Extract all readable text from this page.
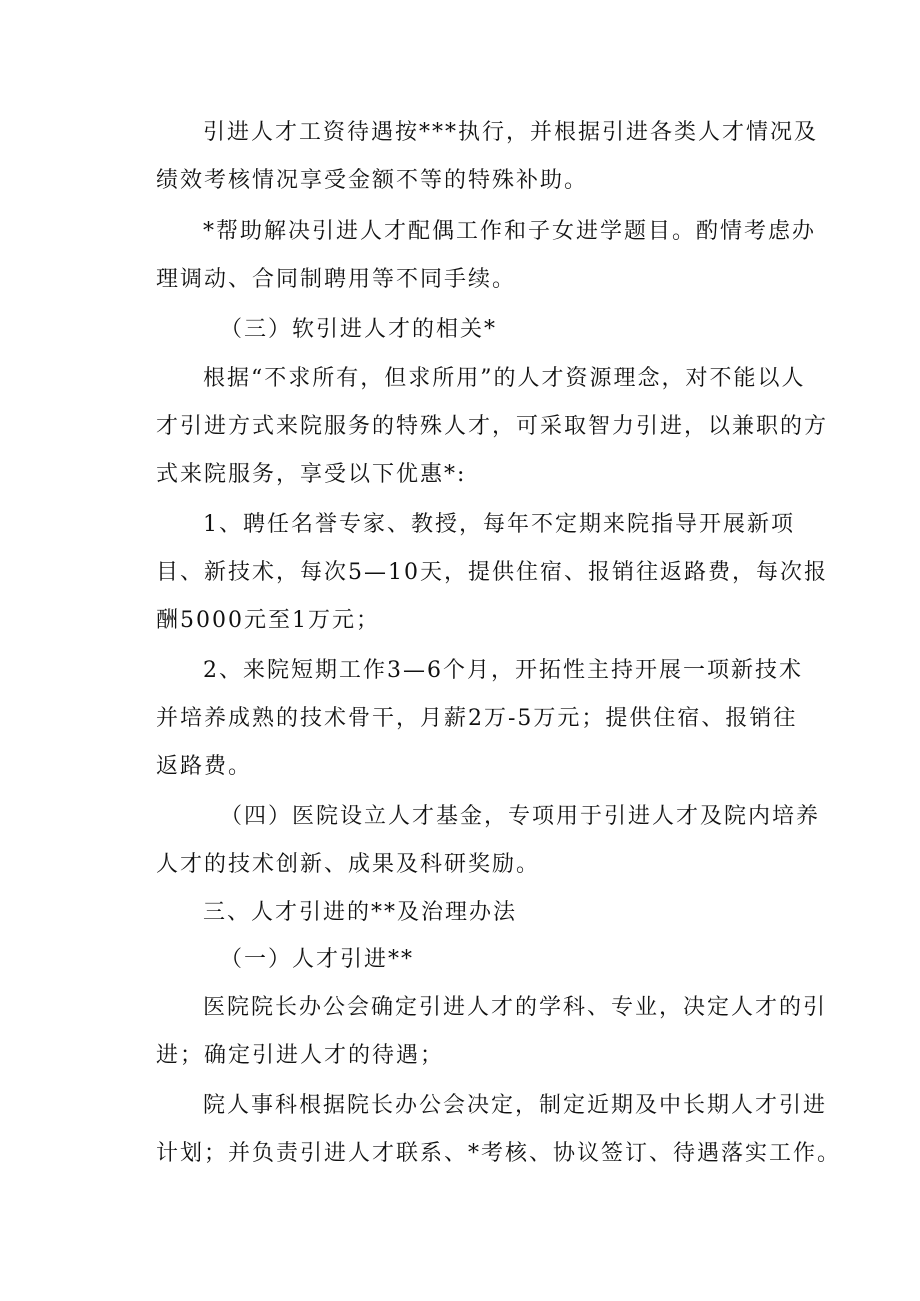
引进人才工资待遇按***执行，并根据引进各类人才情况及

绩效考核情况享受金额不等的特殊补助。

*帮助解决引进人才配偶工作和子女进学题目。酌情考虑办

理调动、合同制聘用等不同手续。

（三）软引进人才的相关*

根据“不求所有，但求所用”的人才资源理念，对不能以人

才引进方式来院服务的特殊人才，可采取智力引进，以兼职的方

式来院服务，享受以下优惠*:

1、聘任名誉专家、教授，每年不定期来院指导开展新项

目、新技术，每次5—10天，提供住宿、报销往返路费，每次报

酬5000元至1万元；

2、来院短期工作3—6个月，开拓性主持开展一项新技术

并培养成熟的技术骨干，月薪2万-5万元；提供住宿、报销往

返路费。

（四）医院设立人才基金，专项用于引进人才及院内培养

人才的技术创新、成果及科研奖励。

三、人才引进的**及治理办法

（一）人才引进**

医院院长办公会确定引进人才的学科、专业，决定人才的引

进；确定引进人才的待遇；

院人事科根据院长办公会决定，制定近期及中长期人才引进

计划；并负责引进人才联系、*考核、协议签订、待遇落实工作。
